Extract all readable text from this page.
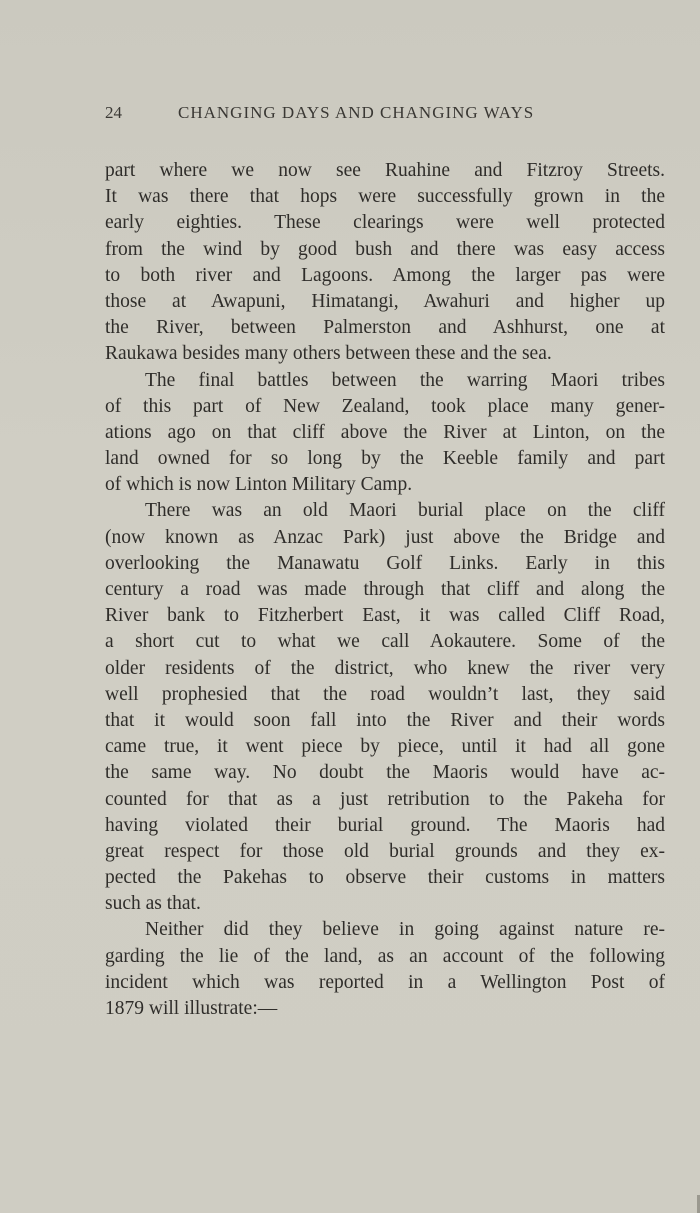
24	CHANGING DAYS AND CHANGING WAYS
part where we now see Ruahine and Fitzroy Streets.
It was there that hops were successfully grown in the
early eighties. These clearings were well protected
from the wind by good bush and there was easy access
to both river and Lagoons. Among the larger pas were
those at Awapuni, Himatangi, Awahuri and higher up
the River, between Palmerston and Ashhurst, one at
Raukawa besides many others between these and the sea.
The final battles between the warring Maori tribes
of this part of New Zealand, took place many gener-
ations ago on that cliff above the River at Linton, on the
land owned for so long by the Keeble family and part
of which is now Linton Military Camp.
There was an old Maori burial place on the cliff
(now known as Anzac Park) just above the Bridge and
overlooking the Manawatu Golf Links. Early in this
century a road was made through that cliff and along the
River bank to Fitzherbert East, it was called Cliff Road,
a short cut to what we call Aokautere. Some of the
older residents of the district, who knew the river very
well prophesied that the road wouldn’t last, they said
that it would soon fall into the River and their words
came true, it went piece by piece, until it had all gone
the same way. No doubt the Maoris would have ac-
counted for that as a just retribution to the Pakeha for
having violated their burial ground. The Maoris had
great respect for those old burial grounds and they ex-
pected the Pakehas to observe their customs in matters
such as that.
Neither did they believe in going against nature re-
garding the lie of the land, as an account of the following
incident which was reported in a Wellington Post of
1879 will illustrate:—
